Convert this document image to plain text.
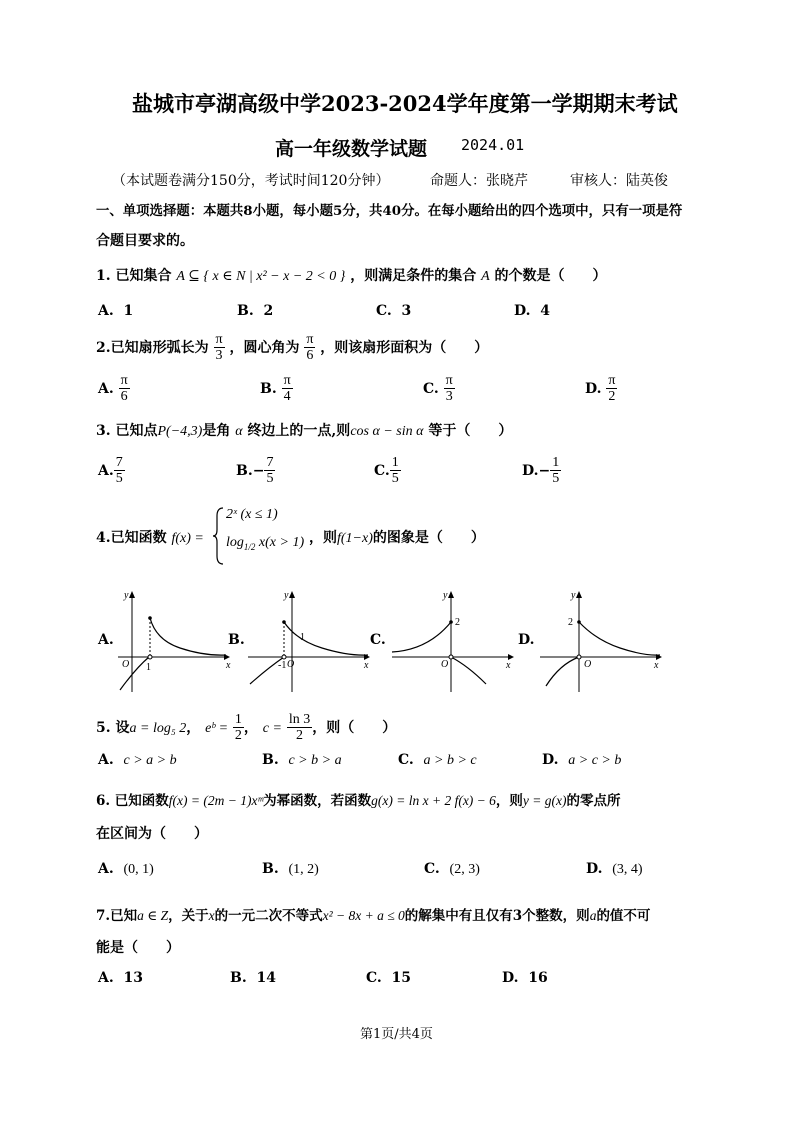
盐城市亭湖高级中学2023-2024学年度第一学期期末考试
高一年级数学试题 2024.01
（本试题卷满分150分，考试时间120分钟）	命题人：张晓芹	审核人：陆英俊
一、单项选择题：本题共8小题，每小题5分，共40分。在每小题给出的四个选项中，只有一项是符
合题目要求的。
1. 已知集合 A ⊆ { x ∈ N | x² − x − 2 < 0 } ，则满足条件的集合 A 的个数是（　　）
A. 1	B. 2	C. 3	D. 4
2.已知扇形弧长为 $\frac{\pi}{3}$ ，圆心角为 $\frac{\pi}{6}$ ，则该扇形面积为（　　）
A. $\frac{\pi}{6}$	B. $\frac{\pi}{4}$	C. $\frac{\pi}{3}$	D. $\frac{\pi}{2}$
3. 已知点P(−4,3)是角 α 终边上的一点,则cos α − sin α 等于（　　）
A. $\frac{7}{5}$	$B.- \frac{7}{5}$	C. $\frac{1}{5}$	$D.- \frac{1}{5}$
4.已知函数 f(x) =
2ˣ (x ≤ 1)
$\log_{1/2} x(x > 1)$ ，则f(1−x)的图象是（　　）
A.
y
x
O 1
B.
y
x
O
-1
1	C.
y
x
O
2
D.
y
x
O
2
5. 设a = log₅ 2， eᵇ = $\frac{1}{2}$ ， $c = \frac{\ln 3}{2}$ ，则（　　）
A. c > a > b	B. c > b > a	C. a > b > c	D. a > c > b
6. 已知函数f(x) = (2m − 1)xᵐ为幂函数，若函数g(x) = ln x + 2 f(x) − 6，则y = g(x)的零点所
在区间为（　　）
A. (0, 1)	B. (1, 2)	C. (2, 3)	D. (3, 4)
7.已知a ∈ Z，关于x的一元二次不等式x² − 8x + a ≤ 0的解集中有且仅有3个整数，则a的值不可
能是（　　）
A. 13	B. 14	C. 15	D. 16
第1页/共4页
